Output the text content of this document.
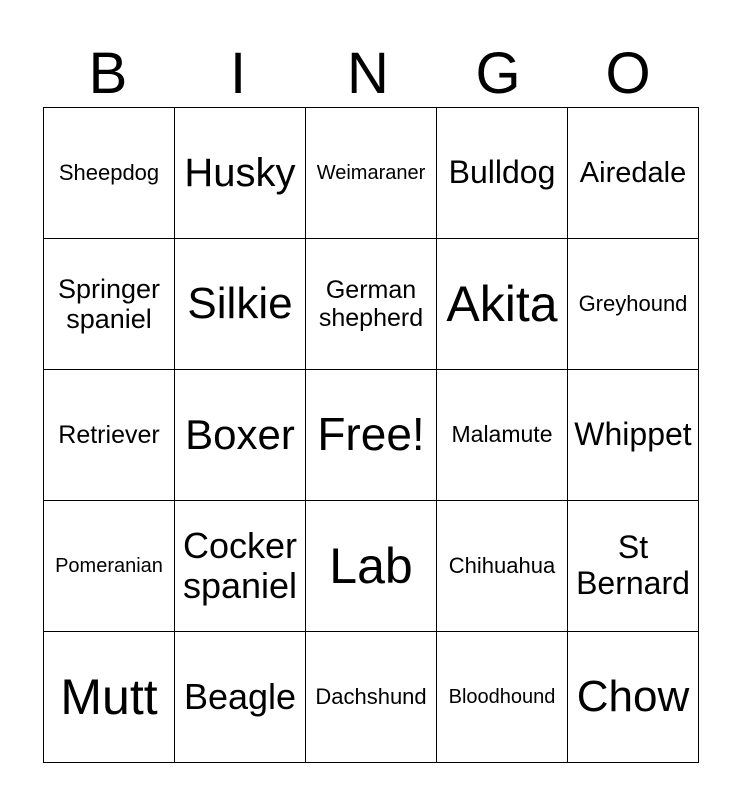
B	I	N	G	O
Sheepdog	Husky	Weimaraner	Bulldog	Airedale
Springer spaniel	Silkie	German shepherd	Akita	Greyhound
Retriever	Boxer	Free!	Malamute	Whippet
Pomeranian	Cocker spaniel	Lab	Chihuahua	St Bernard
Mutt	Beagle	Dachshund	Bloodhound	Chow
